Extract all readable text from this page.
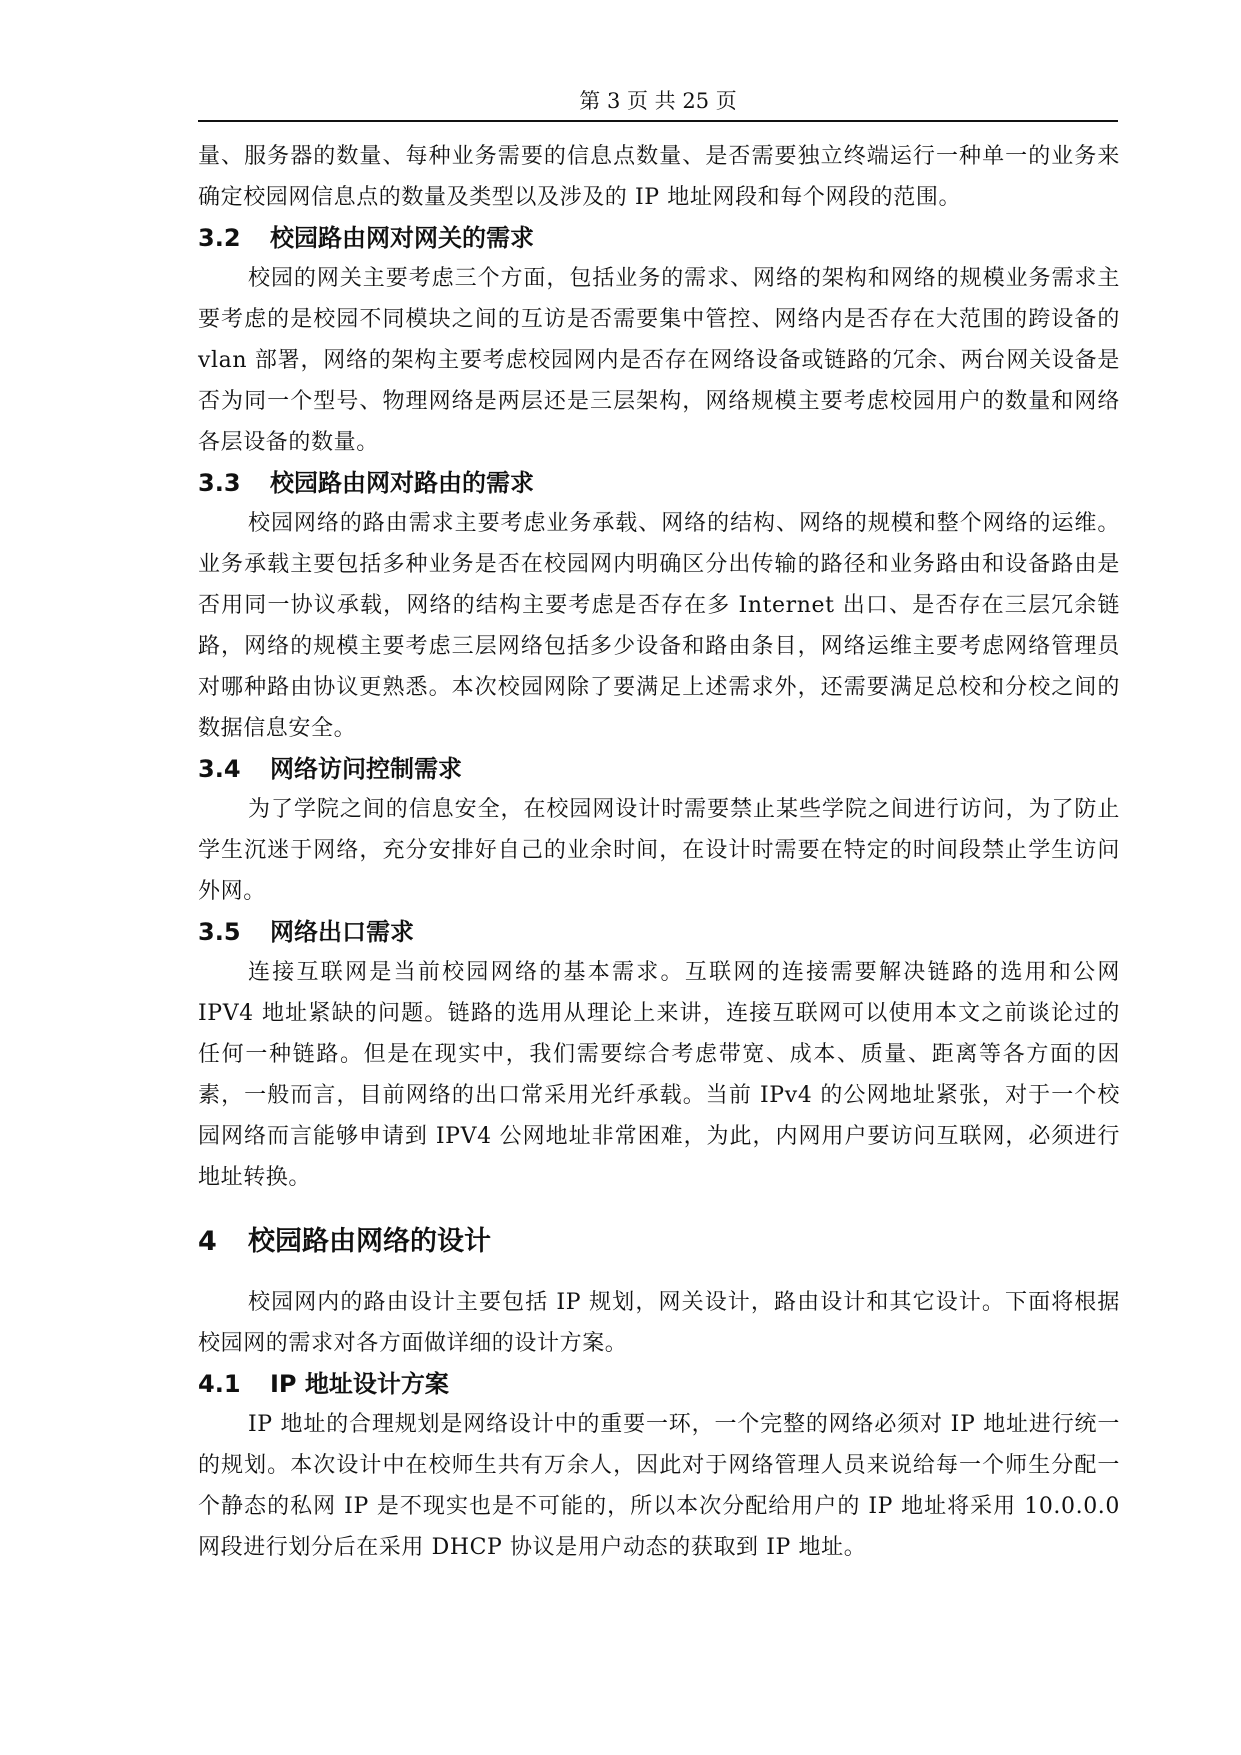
第 3 页 共 25 页

量、服务器的数量、每种业务需要的信息点数量、是否需要独立终端运行一种单一的业务来确定校园网信息点的数量及类型以及涉及的 IP 地址网段和每个网段的范围。

3.2 校园路由网对网关的需求

校园的网关主要考虑三个方面，包括业务的需求、网络的架构和网络的规模业务需求主要考虑的是校园不同模块之间的互访是否需要集中管控、网络内是否存在大范围的跨设备的 vlan 部署，网络的架构主要考虑校园网内是否存在网络设备或链路的冗余、两台网关设备是否为同一个型号、物理网络是两层还是三层架构，网络规模主要考虑校园用户的数量和网络各层设备的数量。

3.3 校园路由网对路由的需求

校园网络的路由需求主要考虑业务承载、网络的结构、网络的规模和整个网络的运维。业务承载主要包括多种业务是否在校园网内明确区分出传输的路径和业务路由和设备路由是否用同一协议承载，网络的结构主要考虑是否存在多 Internet 出口、是否存在三层冗余链路，网络的规模主要考虑三层网络包括多少设备和路由条目，网络运维主要考虑网络管理员对哪种路由协议更熟悉。本次校园网除了要满足上述需求外，还需要满足总校和分校之间的数据信息安全。

3.4 网络访问控制需求

为了学院之间的信息安全，在校园网设计时需要禁止某些学院之间进行访问，为了防止学生沉迷于网络，充分安排好自己的业余时间，在设计时需要在特定的时间段禁止学生访问外网。

3.5 网络出口需求

连接互联网是当前校园网络的基本需求。互联网的连接需要解决链路的选用和公网 IPV4 地址紧缺的问题。链路的选用从理论上来讲，连接互联网可以使用本文之前谈论过的任何一种链路。但是在现实中，我们需要综合考虑带宽、成本、质量、距离等各方面的因素，一般而言，目前网络的出口常采用光纤承载。当前 IPv4 的公网地址紧张，对于一个校园网络而言能够申请到 IPV4 公网地址非常困难，为此，内网用户要访问互联网，必须进行地址转换。

4 校园路由网络的设计

校园网内的路由设计主要包括 IP 规划，网关设计，路由设计和其它设计。下面将根据校园网的需求对各方面做详细的设计方案。

4.1 IP 地址设计方案

IP 地址的合理规划是网络设计中的重要一环，一个完整的网络必须对 IP 地址进行统一的规划。本次设计中在校师生共有万余人，因此对于网络管理人员来说给每一个师生分配一个静态的私网 IP 是不现实也是不可能的，所以本次分配给用户的 IP 地址将采用 10.0.0.0 网段进行划分后在采用 DHCP 协议是用户动态的获取到 IP 地址。
